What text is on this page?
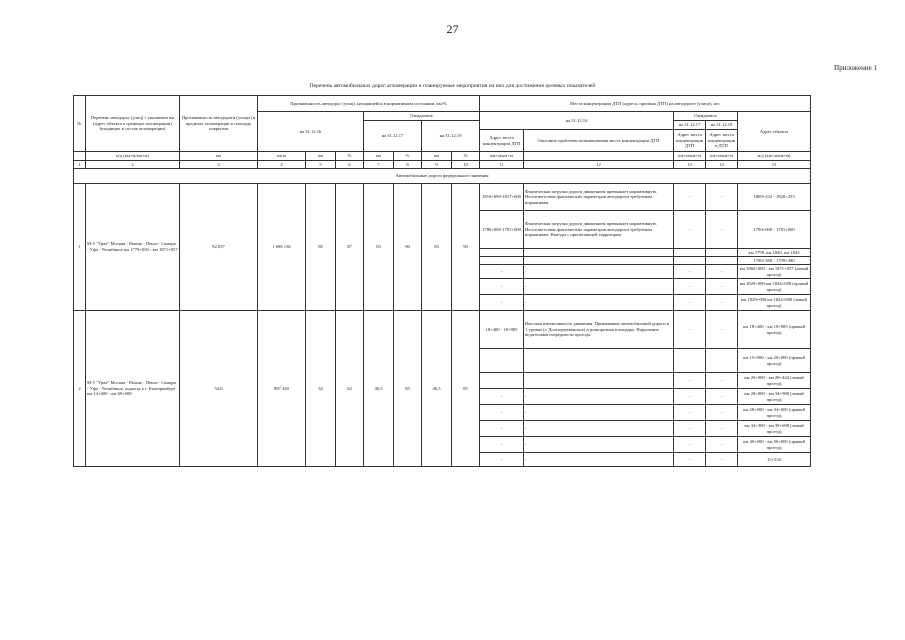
27
Приложение 1
Перечень автомобильных дорог агломерации и планируемые мероприятия на них для достижения целевых показателей
№	Перечень автодорог (улиц) с указанием км (адрес объекта в границах агломерации)(входящих в состав агломерации)	Протяженность автодороги (улицы) в пределах агломерации и площадь покрытия	Протяженность автодорог (улиц), находящейся в нормативном состоянии, км/%							Места концентрации ДТП (адреса, причина ДТП) на автодороге (улице), шт.				
			на 31.12.16			Ожидаемое				на 31.12.16		Ожидаемое		Адрес объекта
						на 31.12.17		на 31.12.19				на 31.12.17	на 31.12.18	
										Адрес места концентрации ДТП	Описание проблемы возникновения места концентрации ДТП	Адрес места концентрации ДТП	Адрес места концентрации в ДТП	
	н/д (км+м/км+м)	км	кв.м	км	%	км	%	км	%	км+м/км+м		км+м/км+м	км+м/км+м	н/д (км+м/км+м)
1	2	3	4	5	6	7	8	9	10	11	12	13	14	15
Автомобильные дороги федерального значения														
1	М-5 "Урал" Москва - Рязань - Пенза - Самара - Уфа - Челябинск км 1779+030 - км 1871+057	92,037	1 696 136	80	87	83	90	83	90	1816+090-1817+000	Фактическая загрузка дороги движением превышает нормативную. Несоответствие фактических параметров автодороги требуемым нормативам.	-	-	1809+232 - 1820+233
										1780+000-1781+000	Фактическая загрузка дороги движением превышает нормативную. Несоответствие фактических параметров автодороги требуемым нормативам. Выезды с прилегающей территории.	-	-	1780+000 - 1781+000
														км 1799, км 1840, км 1843
														1790+368 - 1799+380
										-	-	-	-	км 1860+000 - км 1871+057 (левый проезд)
										-	-	-	-	км 1829+000-км 1844+000 (правый проезд)
										-	-	-	-	км 1829+000 км 1844+000 (левый проезд)
2	М-5 "Урал" Москва - Рязань - Пенза - Самара - Уфа - Челябинск, подъезд к г. Екатеринбург км 14+400 - км 69+000	54,6	887 440	34	62	46,5	85	46,5	85	18+400 - 18+985	Высокая интенсивность движения. Примыкание автомобильной дороги в 1 уровне (г. Долгодеревенское) и разворотная площадка. Нарушение водителями очередности проезда.	-	-	км 18+400 - км 18+985 (правый проезд)
														км 15+000 - км 20+000 (правый проезд)
												-	-	км 20+000 - км 28+444 (левый проезд)
										-	-	-	-	км 28+000 - км 34+988 (левый проезд)
										-	-	-	-	км 28+000 - км 34+000 (правый проезд)
										-	-	-	-	км 34+300 - км 39+698 (левый проезд)
										-	-	-	-	км 40+000 - км 50+000 (правый проезд)
										-	-	-	-	13+532
